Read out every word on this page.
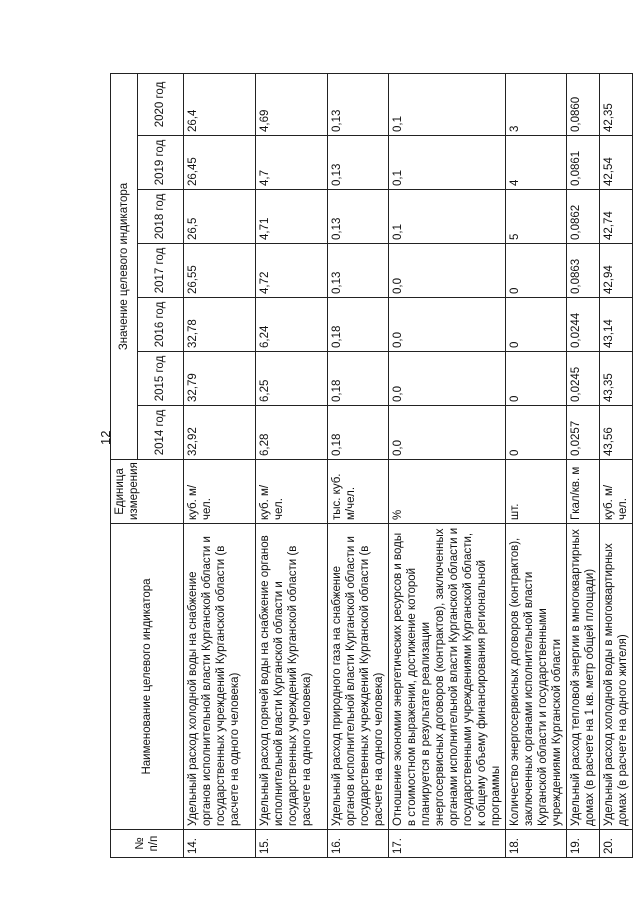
12
№ п/п	Наименование целевого индикатора	Единица измерения	Значение целевого индикатора						
			2014 год	2015 год	2016 год	2017 год	2018 год	2019 год	2020 год
14.	Удельный расход холодной воды на снабжение органов исполнительной власти Курганской области и государственных учреждений Курганской области (в расчете на одного человека)	куб. м/чел.	32,92	32,79	32,78	26,55	26,5	26,45	26,4
15.	Удельный расход горячей воды на снабжение органов исполнительной власти Курганской области и государственных учреждений Курганской области (в расчете на одного человека)	куб. м/чел.	6,28	6,25	6,24	4,72	4,71	4,7	4,69
16.	Удельный расход природного газа на снабжение органов исполнительной власти Курганской области и государственных учреждений Курганской области (в расчете на одного человека)	тыс. куб. м/чел.	0,18	0,18	0,18	0,13	0,13	0,13	0,13
17.	Отношение экономии энергетических ресурсов и воды в стоимостном выражении, достижение которой планируется в результате реализации энергосервисных договоров (контрактов), заключенных органами исполнительной власти Курганской области и государственными учреждениями Курганской области, к общему объему финансирования региональной программы	%	0,0	0,0	0,0	0,0	0,1	0,1	0,1
18.	Количество энергосервисных договоров (контрактов), заключенных органами исполнительной власти Курганской области и государственными учреждениями Курганской области	шт.	0	0	0	0	5	4	3
19.	Удельный расход тепловой энергии в многоквартирных домах (в расчете на 1 кв. метр общей площади)	Гкал/кв. м	0,0257	0,0245	0,0244	0,0863	0,0862	0,0861	0,0860
20.	Удельный расход холодной воды в многоквартирных домах (в расчете на одного жителя)	куб. м/чел.	43,56	43,35	43,14	42,94	42,74	42,54	42,35
